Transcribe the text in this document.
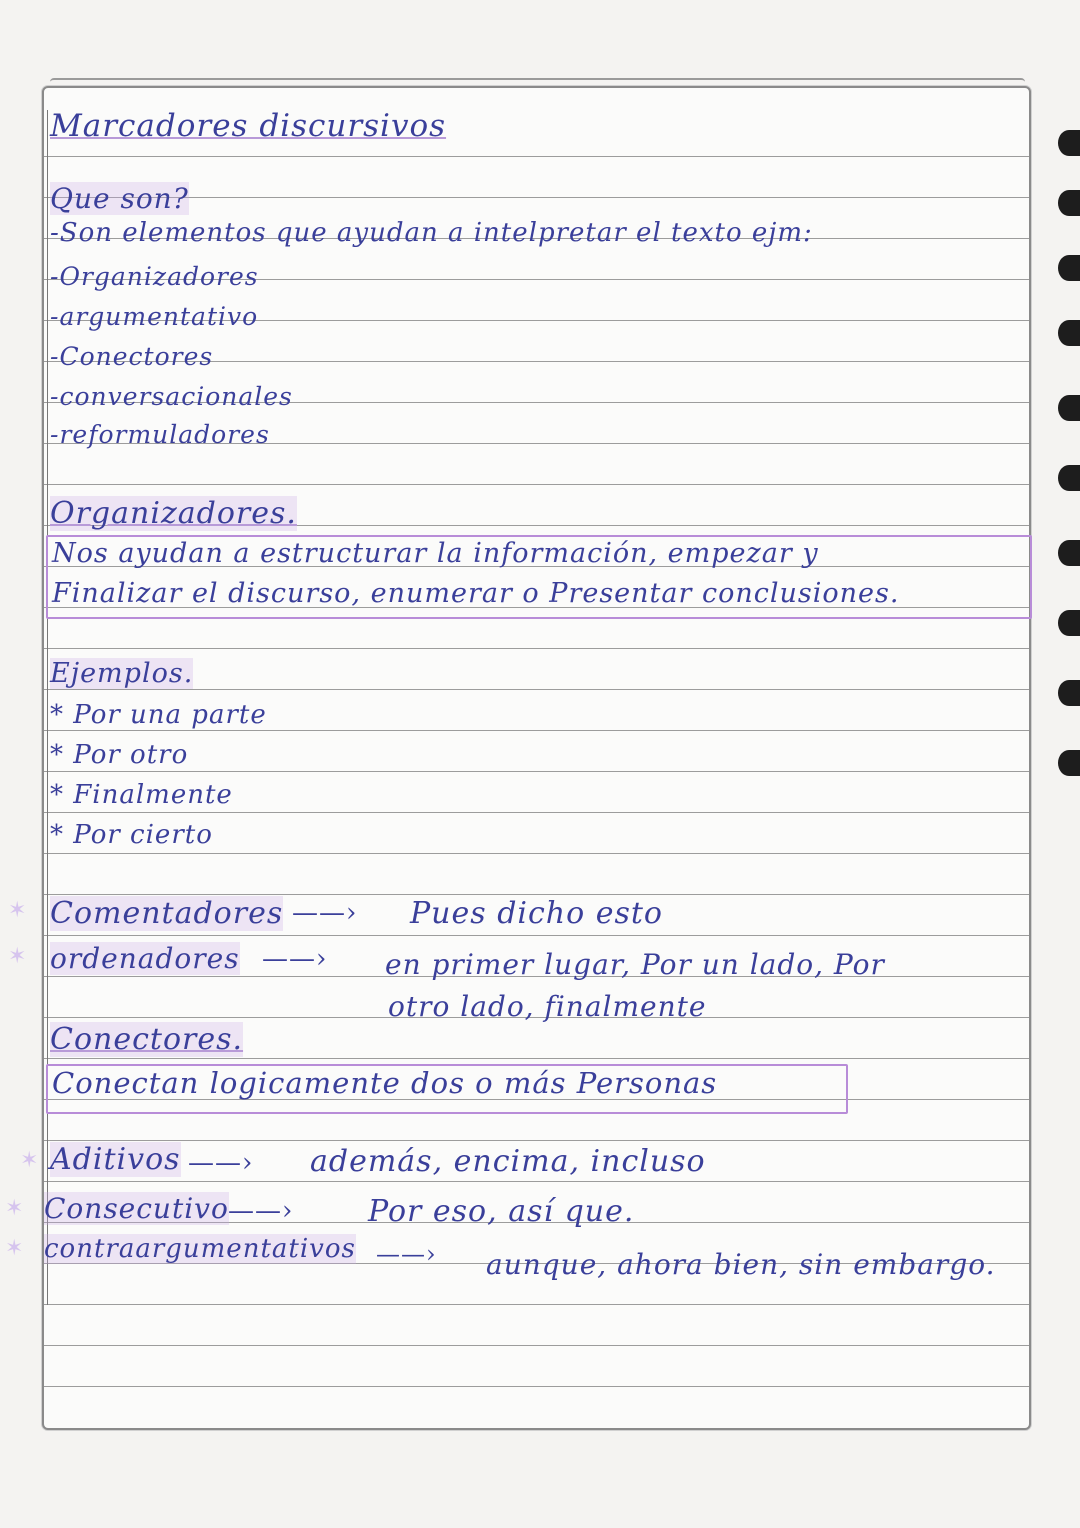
Marcadores discursivos
Que son?
-Son elementos que ayudan a intelpretar el texto ejm:
-Organizadores
-argumentativo
-Conectores
-conversacionales
-reformuladores
Organizadores.
Nos ayudan a estructurar la información, empezar y
Finalizar el discurso, enumerar o Presentar conclusiones.
Ejemplos.
* Por una parte
* Por otro
* Finalmente
* Por cierto
✶ Comentadores ——› Pues dicho esto
✶ ordenadores ——› en primer lugar, Por un lado, Por
otro lado, finalmente
Conectores.
Conectan logicamente dos o más Personas
✶ Aditivos ——› además, encima, incluso
✶ Consecutivo ——› Por eso, así que.
✶ contraargumentativos ——› aunque, ahora bien, sin embargo.
